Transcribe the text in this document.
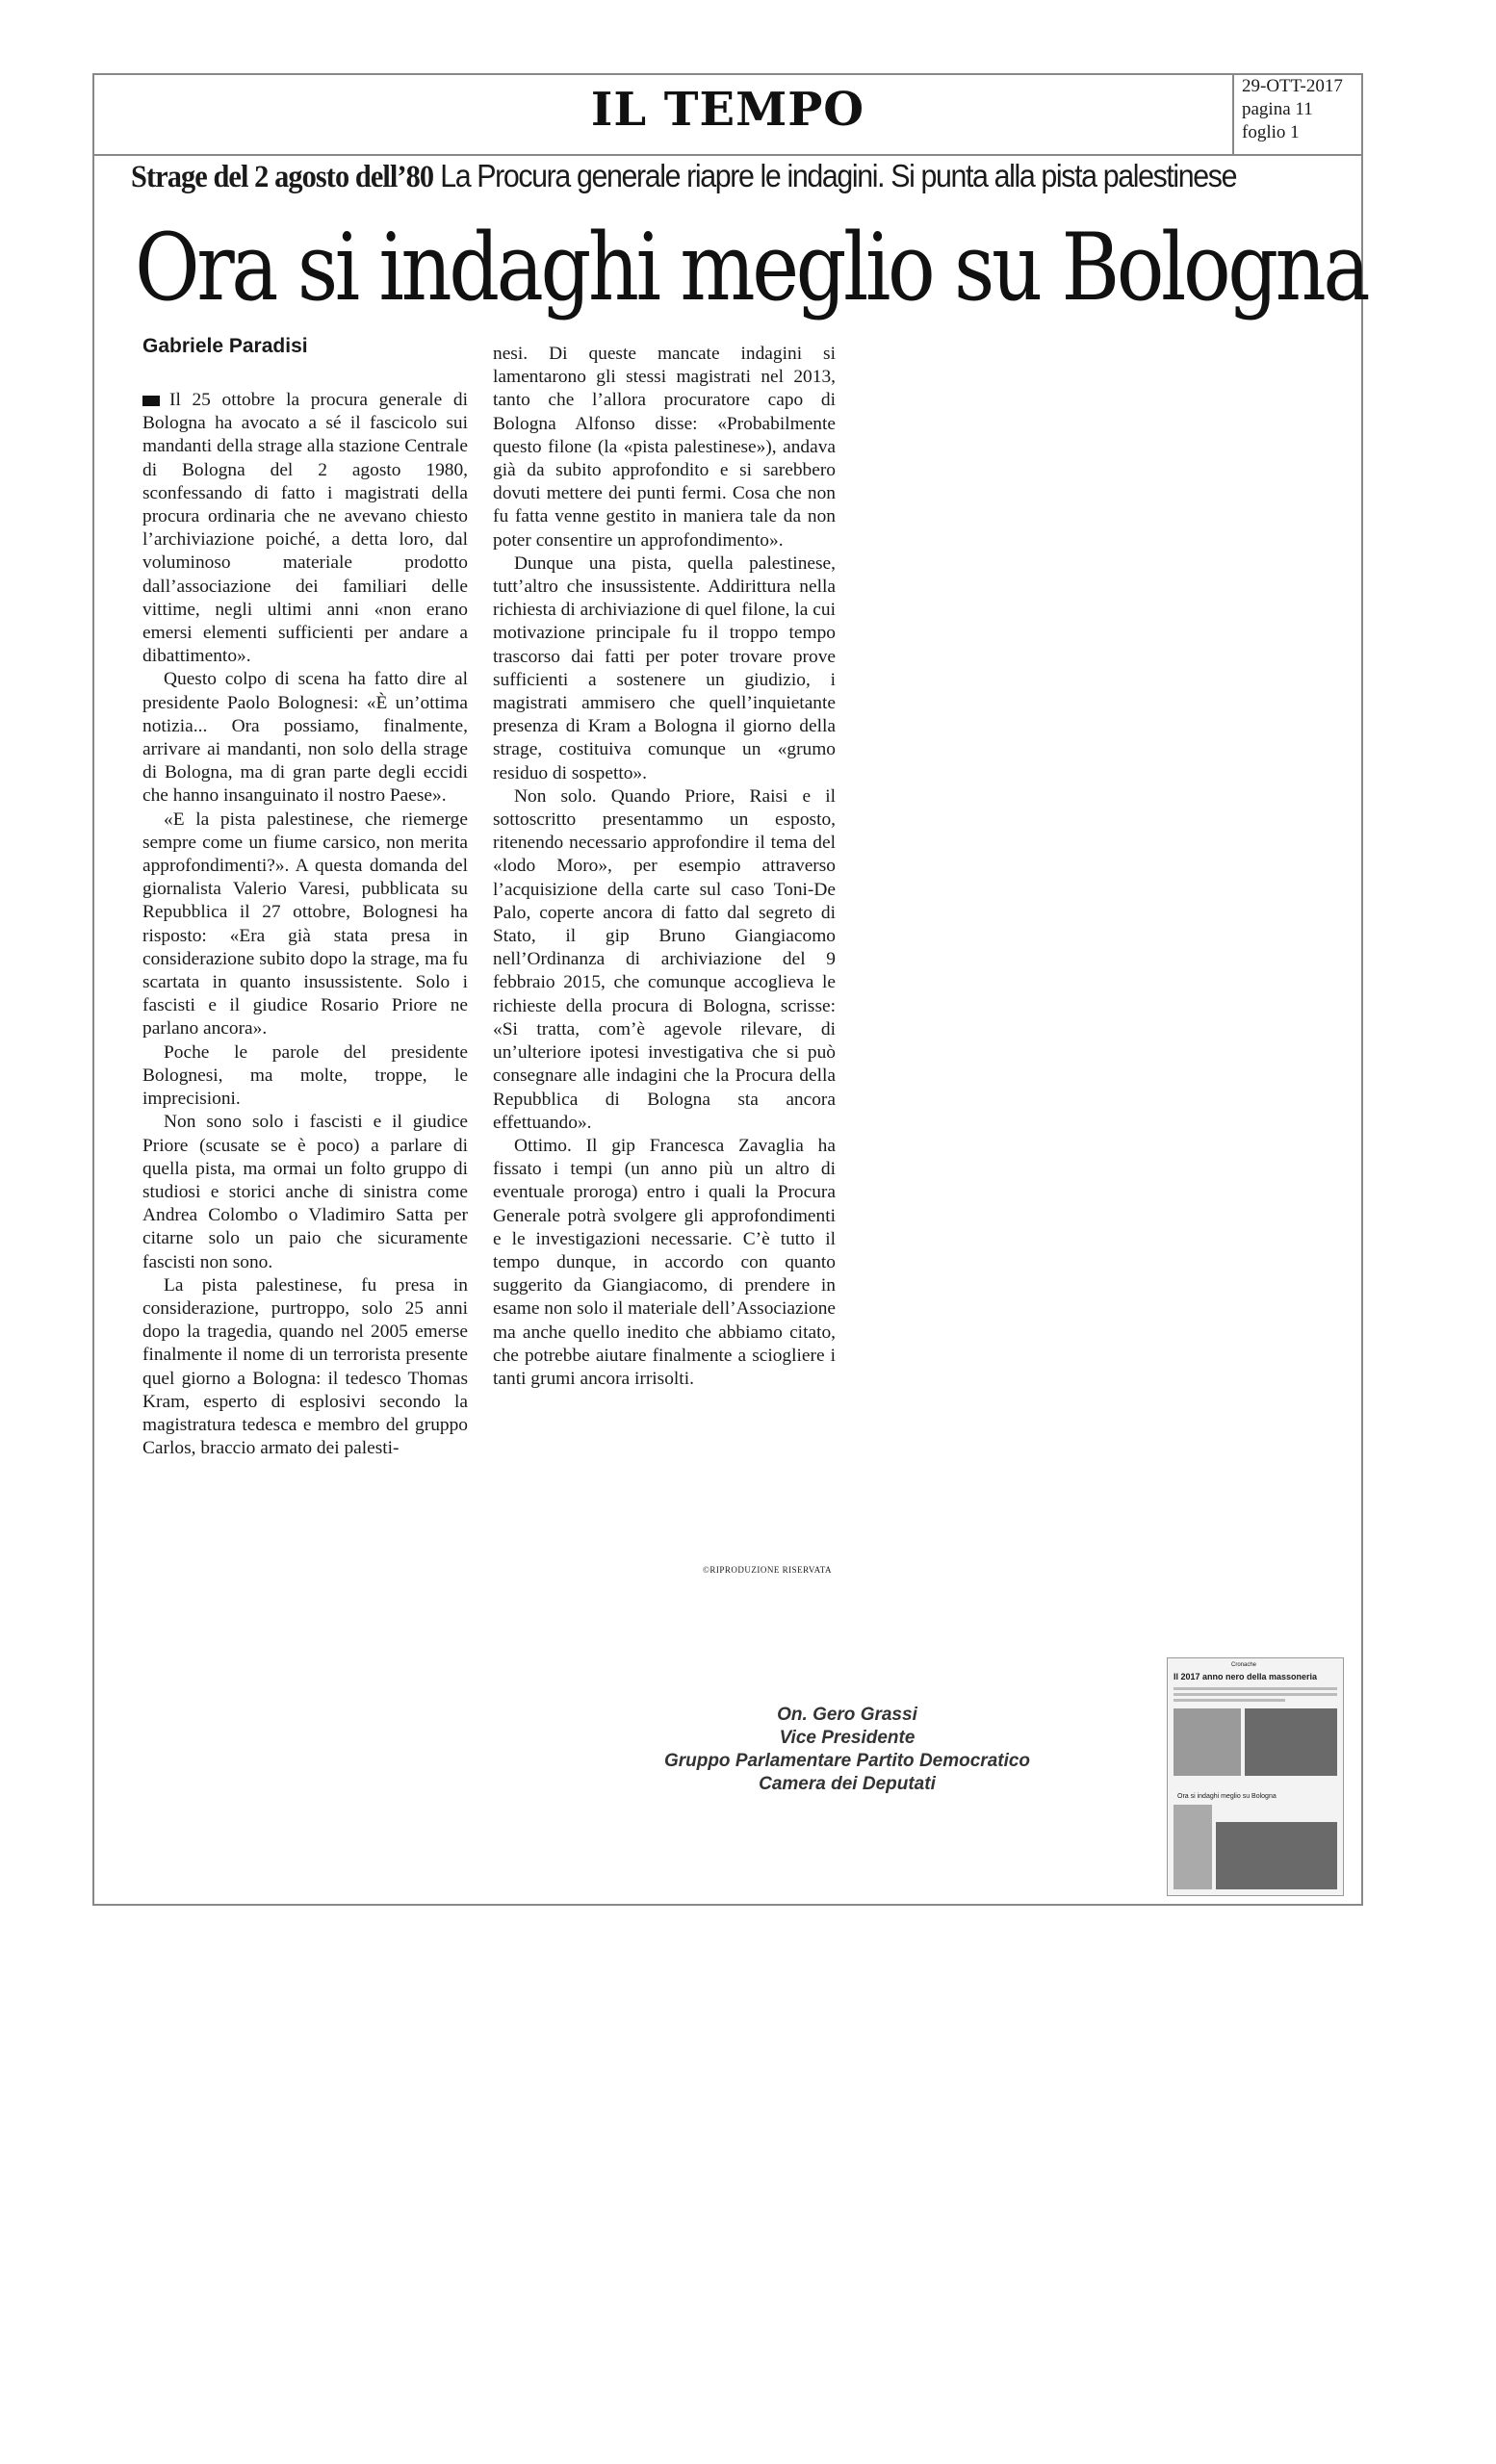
IL TEMPO	29-OTT-2017
pagina 11
foglio 1
Strage del 2 agosto dell’80 La Procura generale riapre le indagini. Si punta alla pista palestinese
Ora si indaghi meglio su Bologna
Gabriele Paradisi

Il 25 ottobre la procura generale di Bologna ha avocato a sé il fascicolo sui mandanti della strage alla stazione Centrale di Bologna del 2 agosto 1980, sconfessando di fatto i magistrati della procura ordinaria che ne avevano chiesto l’archiviazione poiché, a detta loro, dal voluminoso materiale prodotto dall’associazione dei familiari delle vittime, negli ultimi anni «non erano emersi elementi sufficienti per andare a dibattimento».

Questo colpo di scena ha fatto dire al presidente Paolo Bolognesi: «È un’ottima notizia... Ora possiamo, finalmente, arrivare ai mandanti, non solo della strage di Bologna, ma di gran parte degli eccidi che hanno insanguinato il nostro Paese».

«E la pista palestinese, che riemerge sempre come un fiume carsico, non merita approfondimenti?». A questa domanda del giornalista Valerio Varesi, pubblicata su Repubblica il 27 ottobre, Bolognesi ha risposto: «Era già stata presa in considerazione subito dopo la strage, ma fu scartata in quanto insussistente. Solo i fascisti e il giudice Rosario Priore ne parlano ancora».

Poche le parole del presidente Bolognesi, ma molte, troppe, le imprecisioni.

Non sono solo i fascisti e il giudice Priore (scusate se è poco) a parlare di quella pista, ma ormai un folto gruppo di studiosi e storici anche di sinistra come Andrea Colombo o Vladimiro Satta per citarne solo un paio che sicuramente fascisti non sono.

La pista palestinese, fu presa in considerazione, purtroppo, solo 25 anni dopo la tragedia, quando nel 2005 emerse finalmente il nome di un terrorista presente quel giorno a Bologna: il tedesco Thomas Kram, esperto di esplosivi secondo la magistratura tedesca e membro del gruppo Carlos, braccio armato dei palesti-

nesi. Di queste mancate indagini si lamentarono gli stessi magistrati nel 2013, tanto che l’allora procuratore capo di Bologna Alfonso disse: «Probabilmente questo filone (la «pista palestinese»), andava già da subito approfondito e si sarebbero dovuti mettere dei punti fermi. Cosa che non fu fatta venne gestito in maniera tale da non poter consentire un approfondimento».

Dunque una pista, quella palestinese, tutt’altro che insussistente. Addirittura nella richiesta di archiviazione di quel filone, la cui motivazione principale fu il troppo tempo trascorso dai fatti per poter trovare prove sufficienti a sostenere un giudizio, i magistrati ammisero che quell’inquietante presenza di Kram a Bologna il giorno della strage, costituiva comunque un «grumo residuo di sospetto».

Non solo. Quando Priore, Raisi e il sottoscritto presentammo un esposto, ritenendo necessario approfondire il tema del «lodo Moro», per esempio attraverso l’acquisizione della carte sul caso Toni-De Palo, coperte ancora di fatto dal segreto di Stato, il gip Bruno Giangiacomo nell’Ordinanza di archiviazione del 9 febbraio 2015, che comunque accoglieva le richieste della procura di Bologna, scrisse: «Si tratta, com’è agevole rilevare, di un’ulteriore ipotesi investigativa che si può consegnare alle indagini che la Procura della Repubblica di Bologna sta ancora effettuando».

Ottimo. Il gip Francesca Zavaglia ha fissato i tempi (un anno più un altro di eventuale proroga) entro i quali la Procura Generale potrà svolgere gli approfondimenti e le investigazioni necessarie. C’è tutto il tempo dunque, in accordo con quanto suggerito da Giangiacomo, di prendere in esame non solo il materiale dell’Associazione ma anche quello inedito che abbiamo citato, che potrebbe aiutare finalmente a sciogliere i tanti grumi ancora irrisolti.

©RIPRODUZIONE RISERVATA
On. Gero Grassi
Vice Presidente
Gruppo Parlamentare Partito Democratico
Camera dei Deputati
Cronache
Il 2017 anno nero della massoneria
Ora si indaghi meglio su Bologna
